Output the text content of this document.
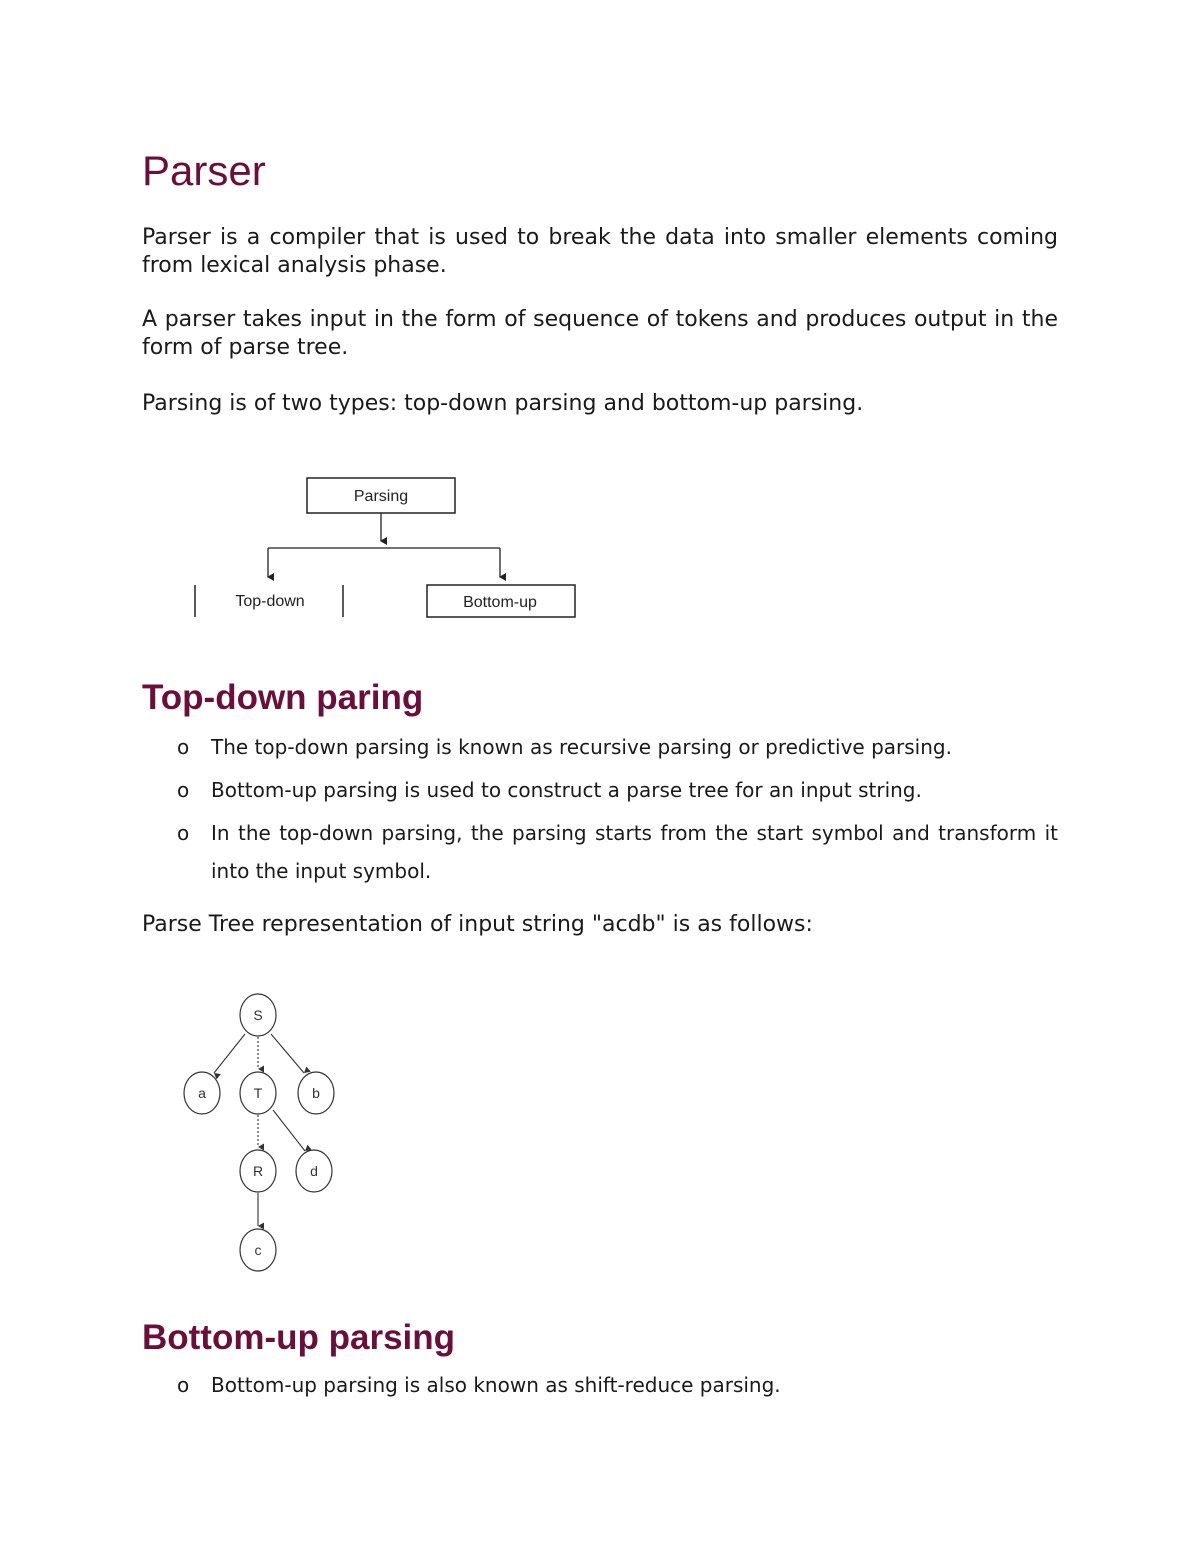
Parser

Parser is a compiler that is used to break the data into smaller elements coming from lexical analysis phase.

A parser takes input in the form of sequence of tokens and produces output in the form of parse tree.

Parsing is of two types: top-down parsing and bottom-up parsing.

Parsing
Top-down	Bottom-up
Top-down paring
o The top-down parsing is known as recursive parsing or predictive parsing.
o Bottom-up parsing is used to construct a parse tree for an input string.
o In the top-down parsing, the parsing starts from the start symbol and transform it into the input symbol.

Parse Tree representation of input string "acdb" is as follows:

S
a	T	b
R	d
c
Bottom-up parsing
o Bottom-up parsing is also known as shift-reduce parsing.
